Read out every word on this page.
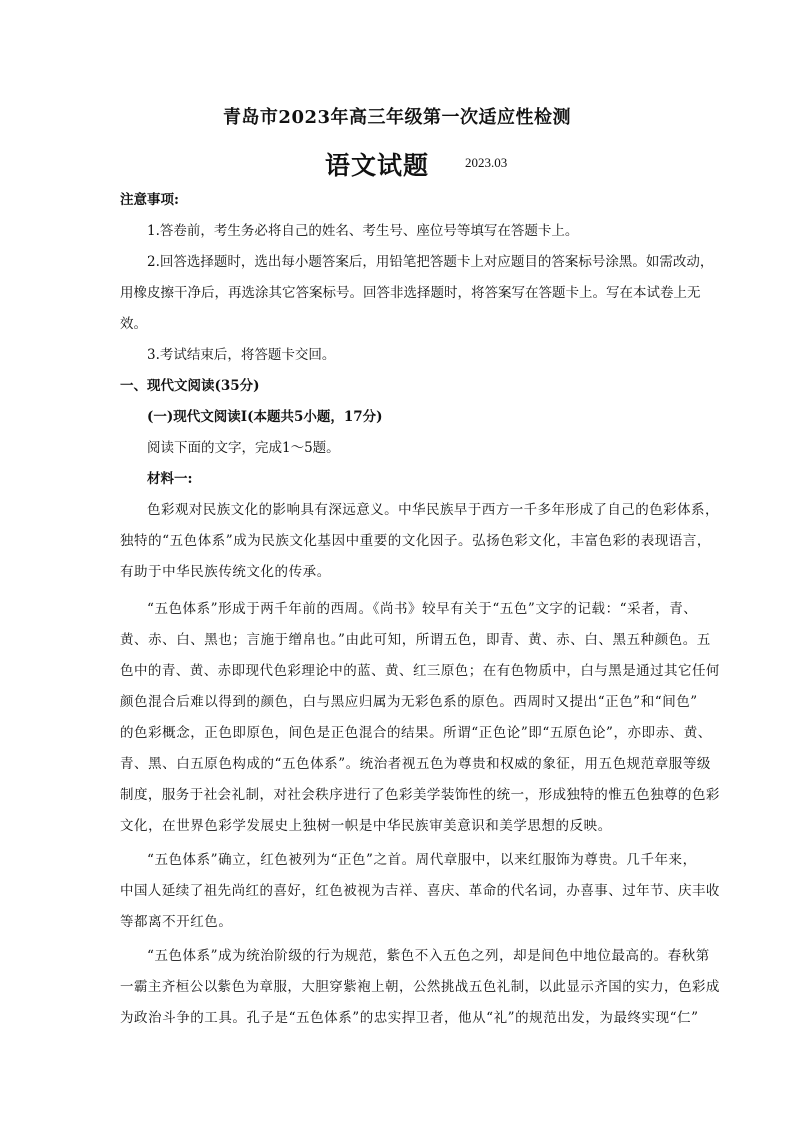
青岛市2023年高三年级第一次适应性检测
语文试题	2023.03
注意事项:
1.答卷前，考生务必将自己的姓名、考生号、座位号等填写在答题卡上。
2.回答选择题时，选出每小题答案后，用铅笔把答题卡上对应题目的答案标号涂黑。如需改动，
用橡皮擦干净后，再选涂其它答案标号。回答非选择题时，将答案写在答题卡上。写在本试卷上无
效。
3.考试结束后，将答题卡交回。
一、现代文阅读(35分)
(一)现代文阅读Ⅰ(本题共5小题，17分)
阅读下面的文字，完成1～5题。
材料一:
色彩观对民族文化的影响具有深远意义。中华民族早于西方一千多年形成了自己的色彩体系，
独特的“五色体系”成为民族文化基因中重要的文化因子。弘扬色彩文化，丰富色彩的表现语言，
有助于中华民族传统文化的传承。
“五色体系”形成于两千年前的西周。《尚书》较早有关于“五色”文字的记载：“采者，青、
黄、赤、白、黑也；言施于缯帛也。”由此可知，所谓五色，即青、黄、赤、白、黑五种颜色。五
色中的青、黄、赤即现代色彩理论中的蓝、黄、红三原色；在有色物质中，白与黑是通过其它任何
颜色混合后难以得到的颜色，白与黑应归属为无彩色系的原色。西周时又提出“正色”和“间色”
的色彩概念，正色即原色，间色是正色混合的结果。所谓“正色论”即“五原色论”，亦即赤、黄、
青、黑、白五原色构成的“五色体系”。统治者视五色为尊贵和权威的象征，用五色规范章服等级
制度，服务于社会礼制，对社会秩序进行了色彩美学装饰性的统一，形成独特的惟五色独尊的色彩
文化，在世界色彩学发展史上独树一帜是中华民族审美意识和美学思想的反映。
“五色体系”确立，红色被列为“正色”之首。周代章服中，以来红服饰为尊贵。几千年来，
中国人延续了祖先尚红的喜好，红色被视为吉祥、喜庆、革命的代名词，办喜事、过年节、庆丰收
等都离不开红色。
“五色体系”成为统治阶级的行为规范，紫色不入五色之列，却是间色中地位最高的。春秋第
一霸主齐桓公以紫色为章服，大胆穿紫袍上朝，公然挑战五色礼制，以此显示齐国的实力，色彩成
为政治斗争的工具。孔子是“五色体系”的忠实捍卫者，他从“礼”的规范出发，为最终实现“仁”
